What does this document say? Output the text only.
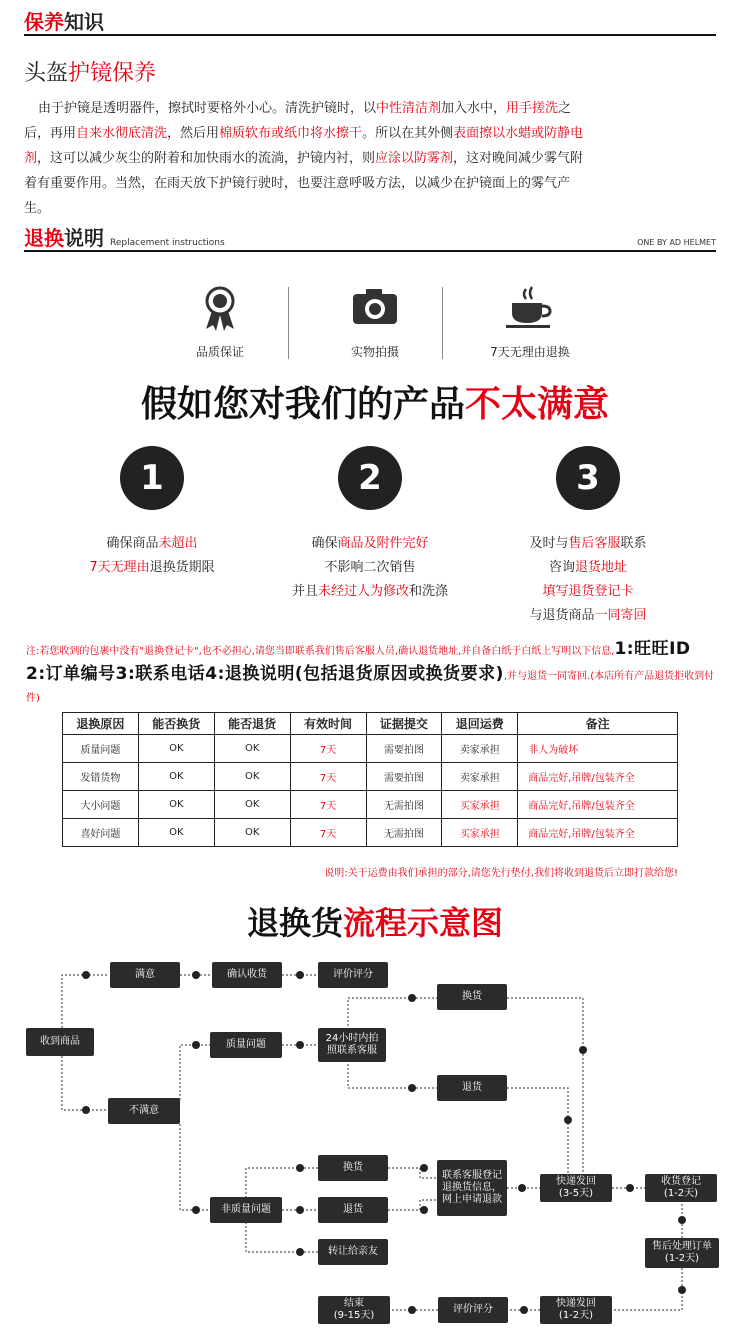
保养知识
头盔护镜保养
由于护镜是透明器件，擦拭时要格外小心。清洗护镜时，以中性清洁剂加入水中，用手搓洗之后，再用自来水彻底清洗，然后用棉质软布或纸巾将水擦干。所以在其外侧表面擦以水蜡或防静电剂，这可以减少灰尘的附着和加快雨水的流淌，护镜内衬，则应涂以防雾剂，这对晚间减少雾气附着有重要作用。当然，在雨天放下护镜行驶时，也要注意呼吸方法，以减少在护镜面上的雾气产生。
退换说明 Replacement instructions	ONE BY AD HELMET
品质保证	实物拍摄	7天无理由退换
假如您对我们的产品不太满意
1
确保商品未超出
7天无理由退换货期限
2
确保商品及附件完好
不影响二次销售
并且未经过人为修改和洗涤
3
及时与售后客服联系
咨询退货地址
填写退货登记卡
与退货商品一同寄回
注:若您收到的包裹中没有"退换登记卡",也不必担心,请您当即联系我们售后客服人员,确认退货地址,并自备白纸于白纸上写明以下信息,1:旺旺ID 2:订单编号3:联系电话4:退换说明(包括退货原因或换货要求),并与退货一同寄回.(本店所有产品退货拒收到付件)
退换原因	能否换货	能否退货	有效时间	证据提交	退回运费	备注
质量问题	OK	OK	7天	需要拍图	卖家承担	非人为破坏
发错货物	OK	OK	7天	需要拍图	卖家承担	商品完好,吊牌/包装齐全
大小问题	OK	OK	7天	无需拍图	买家承担	商品完好,吊牌/包装齐全
喜好问题	OK	OK	7天	无需拍图	买家承担	商品完好,吊牌/包装齐全
说明:关于运费由我们承担的部分,请您先行垫付,我们将收到退货后立即打款给您!
退换货流程示意图
收到商品
满意	确认收货	评价评分
换货
质量问题
24小时内拍照联系客服
退货
不满意
换货
退货
非质量问题
转让给亲友
联系客服登记退换货信息，网上申请退款
快递发回
(3-5天)
收货登记
(1-2天)
售后处理订单
(1-2天)
快递发回
(1-2天)
评价评分
结束
(9-15天)
